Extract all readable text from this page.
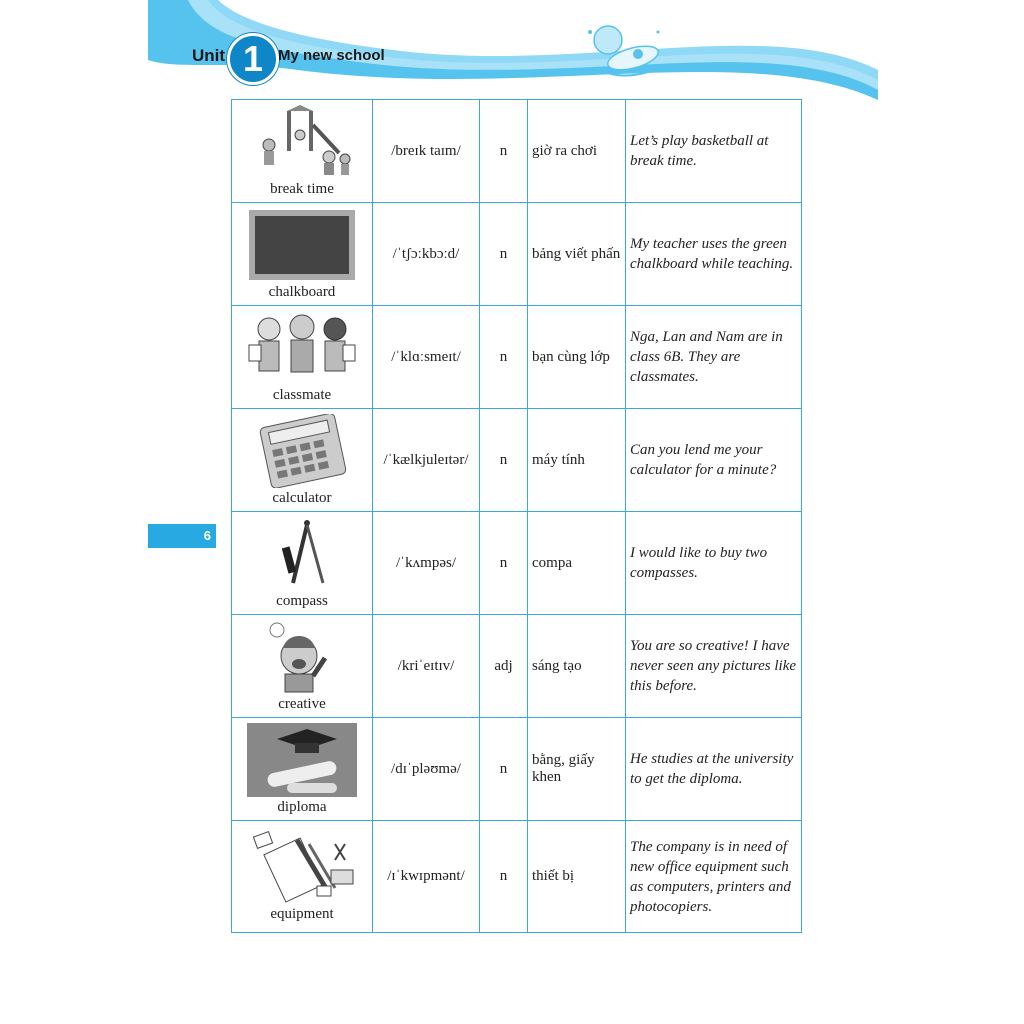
Unit 1 My new school
6
break time	/breɪk taɪm/	n	giờ ra chơi	Let’s play basketball at break time.

chalkboard	/ˈtʃɔːkbɔːd/	n	bảng viết phấn	My teacher uses the green chalkboard while teaching.

classmate	/ˈklɑːsmeɪt/	n	bạn cùng lớp	Nga, Lan and Nam are in class 6B. They are classmates.

calculator	/ˈkælkjuleɪtər/	n	máy tính	Can you lend me your calculator for a minute?

compass	/ˈkʌmpəs/	n	compa	I would like to buy two compasses.

creative	/kriˈeɪtɪv/	adj	sáng tạo	You are so creative! I have never seen any pictures like this before.

diploma	/dɪˈpləʊmə/	n	bằng, giấy khen	He studies at the university to get the diploma.

equipment	/ɪˈkwɪpmənt/	n	thiết bị	The company is in need of new office equipment such as computers, printers and photocopiers.
